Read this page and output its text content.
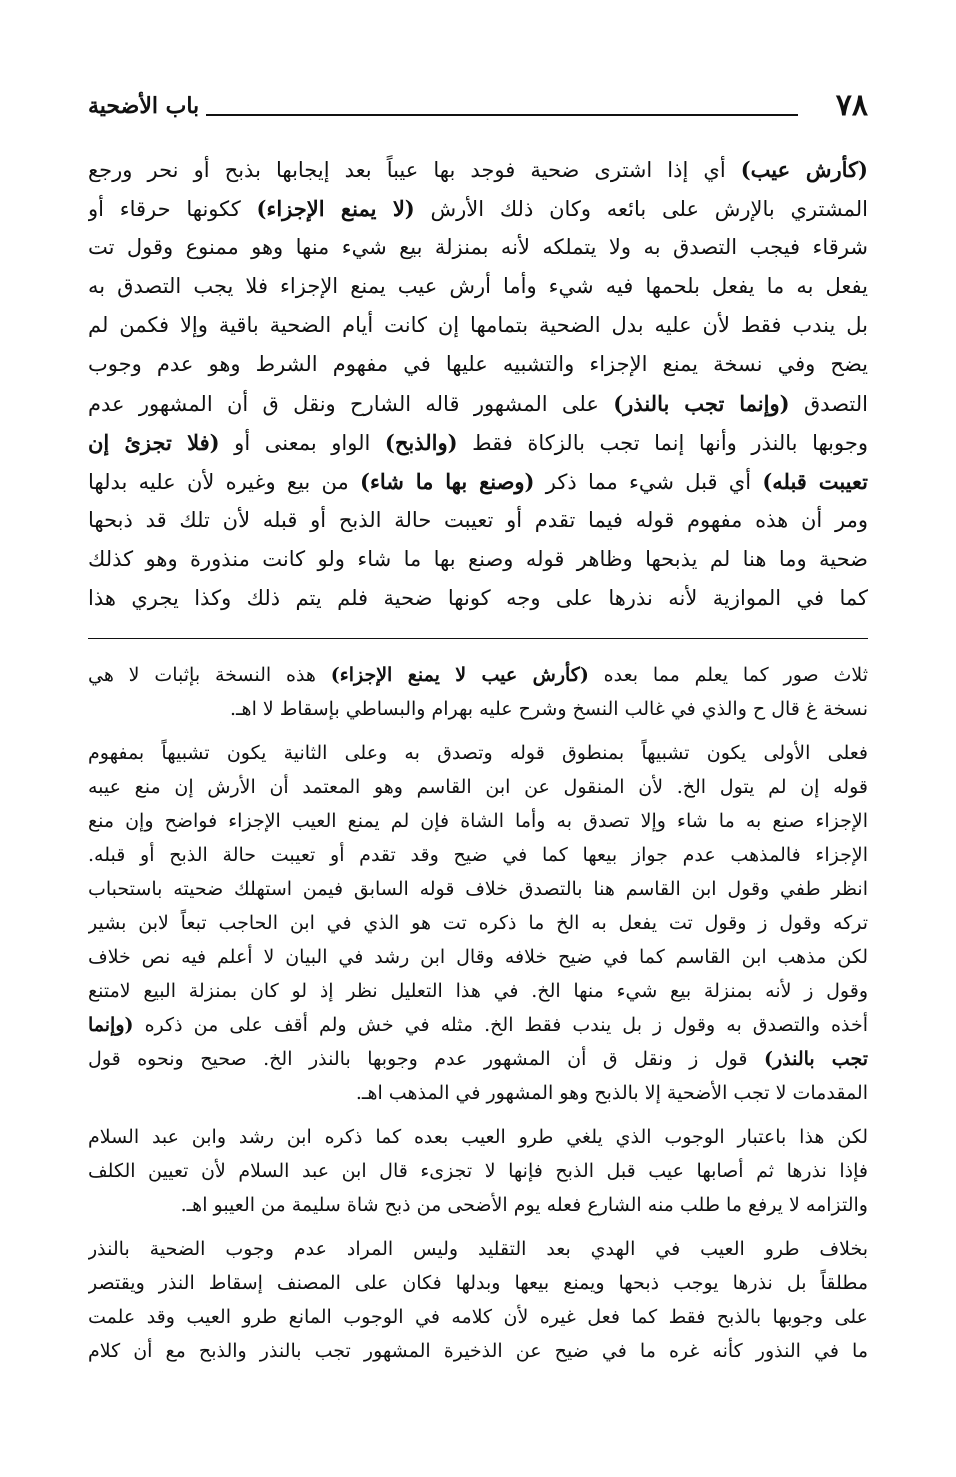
٧٨
باب الأضحية
(كأرش عيب) أي إذا اشترى ضحية فوجد بها عيباً بعد إيجابها بذبح أو نحر ورجع
المشتري بالإرش على بائعه وكان ذلك الأرش (لا يمنع الإجزاء) ككونها حرقاء أو
شرقاء فيجب التصدق به ولا يتملكه لأنه بمنزلة بيع شيء منها وهو ممنوع وقول تت
يفعل به ما يفعل بلحمها فيه شيء وأما أرش عيب يمنع الإجزاء فلا يجب التصدق به
بل يندب فقط لأن عليه بدل الضحية بتمامها إن كانت أيام الضحية باقية وإلا فكمن لم
يضح وفي نسخة يمنع الإجزاء والتشبيه عليها في مفهوم الشرط وهو عدم وجوب
التصدق (وإنما تجب بالنذر) على المشهور قاله الشارح ونقل ق أن المشهور عدم
وجوبها بالنذر وأنها إنما تجب بالزكاة فقط (والذبح) الواو بمعنى أو (فلا تجزئ إن
تعيبت قبله) أي قبل شيء مما ذكر (وصنع بها ما شاء) من بيع وغيره لأن عليه بدلها
ومر أن هذه مفهوم قوله فيما تقدم أو تعيبت حالة الذبح أو قبله لأن تلك قد ذبحها
ضحية وما هنا لم يذبحها وظاهر قوله وصنع بها ما شاء ولو كانت منذورة وهو كذلك
كما في الموازية لأنه نذرها على وجه كونها ضحية فلم يتم ذلك وكذا يجري هذا
ثلاث صور كما يعلم مما بعده (كأرش عيب لا يمنع الإجزاء) هذه النسخة بإثبات لا هي
نسخة غ قال ح والذي في غالب النسخ وشرح عليه بهرام والبساطي بإسقاط لا اهـ.
فعلى الأولى يكون تشبيهاً بمنطوق قوله وتصدق به وعلى الثانية يكون تشبيهاً بمفهوم
قوله إن لم يتول الخ. لأن المنقول عن ابن القاسم وهو المعتمد أن الأرش إن منع عيبه
الإجزاء صنع به ما شاء وإلا تصدق به وأما الشاة فإن لم يمنع العيب الإجزاء فواضح وإن منع
الإجزاء فالمذهب عدم جواز بيعها كما في ضيح وقد تقدم أو تعيبت حالة الذبح أو قبله.
انظر طفي وقول ابن القاسم هنا بالتصدق خلاف قوله السابق فيمن استهلك ضحيته باستحباب
تركه وقول ز وقول تت يفعل به الخ ما ذكره تت هو الذي في ابن الحاجب تبعاً لابن بشير
لكن مذهب ابن القاسم كما في ضيح خلافه وقال ابن رشد في البيان لا أعلم فيه نص خلاف
وقول ز لأنه بمنزلة بيع شيء منها الخ. في هذا التعليل نظر إذ لو كان بمنزلة البيع لامتنع
أخذه والتصدق به وقول ز بل يندب فقط الخ. مثله في خش ولم أقف على من ذكره (وإنما
تجب بالنذر) قول ز ونقل ق أن المشهور عدم وجوبها بالنذر الخ. صحيح ونحوه قول
المقدمات لا تجب الأضحية إلا بالذبح وهو المشهور في المذهب اهـ.
لكن هذا باعتبار الوجوب الذي يلغي طرو العيب بعده كما ذكره ابن رشد وابن عبد السلام
فإذا نذرها ثم أصابها عيب قبل الذبح فإنها لا تجزىء قال ابن عبد السلام لأن تعيين الكلف
والتزامه لا يرفع ما طلب منه الشارع فعله يوم الأضحى من ذبح شاة سليمة من العيبو اهـ.
بخلاف طرو العيب في الهدي بعد التقليد وليس المراد عدم وجوب الضحية بالنذر
مطلقاً بل نذرها يوجب ذبحها ويمنع بيعها وبدلها فكان على المصنف إسقاط النذر ويقتصر
على وجوبها بالذبح فقط كما فعل غيره لأن كلامه في الوجوب المانع طرو العيب وقد علمت
ما في النذور كأنه غره ما في ضيح عن الذخيرة المشهور تجب بالنذر والذبح مع أن كلام
